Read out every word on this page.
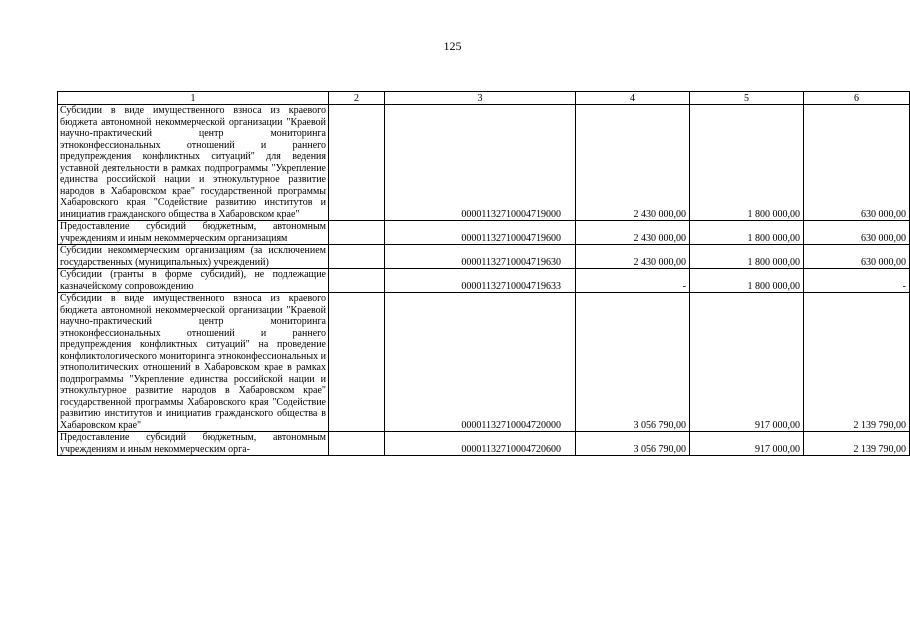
125
1	2	3	4	5	6
Субсидии в виде имущественного взноса из краевого бюджета автономной некоммерческой организации "Краевой научно-практический центр мониторинга этноконфессиональных отношений и раннего предупреждения конфликтных ситуаций" для ведения уставной деятельности в рамках подпрограммы "Укрепление единства российской нации и этнокультурное развитие народов в Хабаровском крае" государственной программы Хабаровского края "Содействие развитию институтов и инициатив гражданского общества в Хабаровском крае"		00001132710004719000	2 430 000,00	1 800 000,00	630 000,00
Предоставление субсидий бюджетным, автономным учреждениям и иным некоммерческим организациям		00001132710004719600	2 430 000,00	1 800 000,00	630 000,00
Субсидии некоммерческим организациям (за исключением государственных (муниципальных) учреждений)		00001132710004719630	2 430 000,00	1 800 000,00	630 000,00
Субсидии (гранты в форме субсидий), не подлежащие казначейскому сопровождению		00001132710004719633	-	1 800 000,00	-
Субсидии в виде имущественного взноса из краевого бюджета автономной некоммерческой организации "Краевой научно-практический центр мониторинга этноконфессиональных отношений и раннего предупреждения конфликтных ситуаций" на проведение конфликтологического мониторинга этноконфессиональных и этнополитических отношений в Хабаровском крае в рамках подпрограммы "Укрепление единства российской нации и этнокультурное развитие народов в Хабаровском крае" государственной программы Хабаровского края "Содействие развитию институтов и инициатив гражданского общества в Хабаровском крае"		00001132710004720000	3 056 790,00	917 000,00	2 139 790,00
Предоставление субсидий бюджетным, автономным учреждениям и иным некоммерческим орга-		00001132710004720600	3 056 790,00	917 000,00	2 139 790,00
